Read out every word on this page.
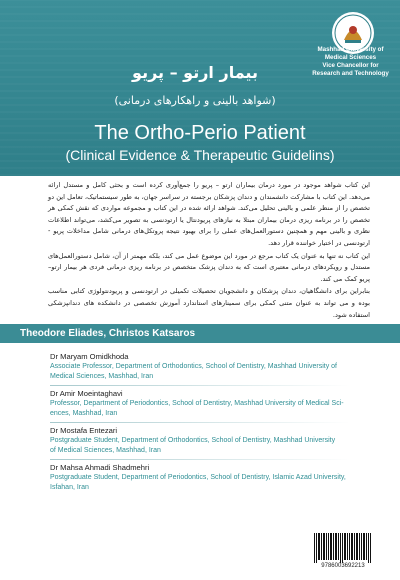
Mashhad University of
Medical Sciences
Vice Chancellor for
Research and Technology
بیمار ارتو – پریو
(شواهد بالینی و راهکارهای درمانی)
The Ortho-Perio Patient
(Clinical Evidence & Therapeutic Guidelins)

این کتاب شواهد موجود در مورد درمان بیماران ارتو – پریو را جمع‌آوری کرده است و بحثی کامل و مستدل ارائه می‌دهد. این کتاب با مشارکت دانشمندان و دندان پزشکان برجسته در سراسر جهان، به طور سیستماتیک، تعامل این دو تخصص را از منظر علمی و بالینی تحلیل می‌کند. شواهد ارائه شده در این کتاب و مجموعه مواردی که نقش کمکی هر تخصص را در برنامه ریزی درمان بیماران مبتلا به نیازهای پریودنتال یا ارتودنسی به تصویر می‌کشد، می‌تواند اطلاعات نظری و بالینی مهم و همچنین دستورالعمل‌های عملی را برای بهبود نتیجه پروتکل‌های درمانی شامل مداخلات پریو - ارتودنسی در اختیار خواننده قرار دهد.

این کتاب نه تنها به عنوان یک کتاب مرجع در مورد این موضوع عمل می کند، بلکه مهمتر از آن، شامل دستورالعمل‌های مستدل و رویکردهای درمانی معتبری است که به دندان پزشک متخصص در برنامه ریزی درمانی فردی هر بیمار ارتو–پریو کمک می کند.

بنابراین برای دانشگاهیان، دندان پزشکان و دانشجویان تحصیلات تکمیلی در ارتودنسی و پریودنتولوژی کتابی مناسب بوده و می تواند به عنوان متنی کمکی برای سمینارهای استاندارد آموزش تخصصی در دانشکده های دندانپزشکی استفاده شود.

Theodore Eliades, Christos Katsaros

Dr Maryam Omidkhoda

Associate Professor, Department of Orthodontics, School of Dentistry, Mashhad University of

Medical Sciences, Mashhad, Iran

Dr Amir Moeintaghavi

Professor, Department of Periodontics, School of Dentistry, Mashhad University of Medical Sci-

ences, Mashhad, Iran

Dr Mostafa Entezari

Postgraduate Student, Department of Orthodontics, School of Dentistry, Mashhad University

of Medical Sciences, Mashhad, Iran

Dr Mahsa Ahmadi Shadmehri

Postgraduate Student, Department of Periodontics, School of Dentistry, Islamic Azad University,

Isfahan, Iran

9786003692213
